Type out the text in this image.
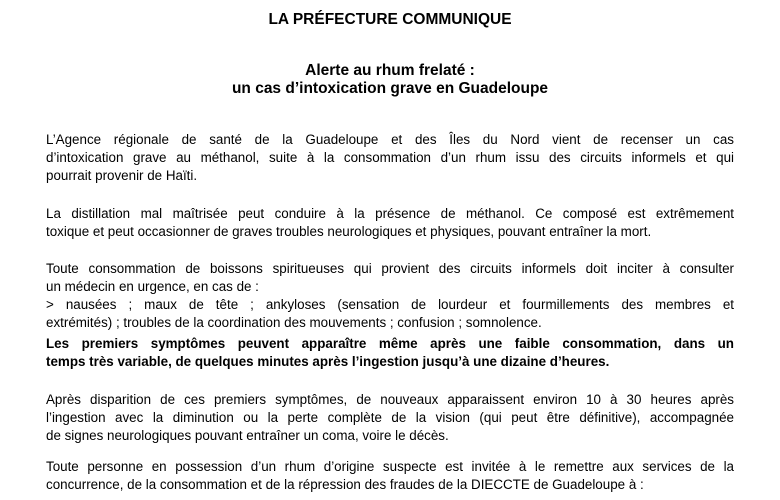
LA PRÉFECTURE COMMUNIQUE
Alerte au rhum frelaté :
un cas d’intoxication grave en Guadeloupe

L’Agence régionale de santé de la Guadeloupe et des Îles du Nord vient de recenser un cas
d’intoxication grave au méthanol, suite à la consommation d’un rhum issu des circuits informels et qui
pourrait provenir de Haïti.

La distillation mal maîtrisée peut conduire à la présence de méthanol. Ce composé est extrêmement
toxique et peut occasionner de graves troubles neurologiques et physiques, pouvant entraîner la mort.

Toute consommation de boissons spiritueuses qui provient des circuits informels doit inciter à consulter
un médecin en urgence, en cas de :
> nausées ; maux de tête ; ankyloses (sensation de lourdeur et fourmillements des membres et
extrémités) ; troubles de la coordination des mouvements ; confusion ; somnolence.

Les premiers symptômes peuvent apparaître même après une faible consommation, dans un
temps très variable, de quelques minutes après l’ingestion jusqu’à une dizaine d’heures.

Après disparition de ces premiers symptômes, de nouveaux apparaissent environ 10 à 30 heures après
l’ingestion avec la diminution ou la perte complète de la vision (qui peut être définitive), accompagnée
de signes neurologiques pouvant entraîner un coma, voire le décès.

Toute personne en possession d’un rhum d’origine suspecte est invitée à le remettre aux services de la
concurrence, de la consommation et de la répression des fraudes de la DIECCTE de Guadeloupe à :
